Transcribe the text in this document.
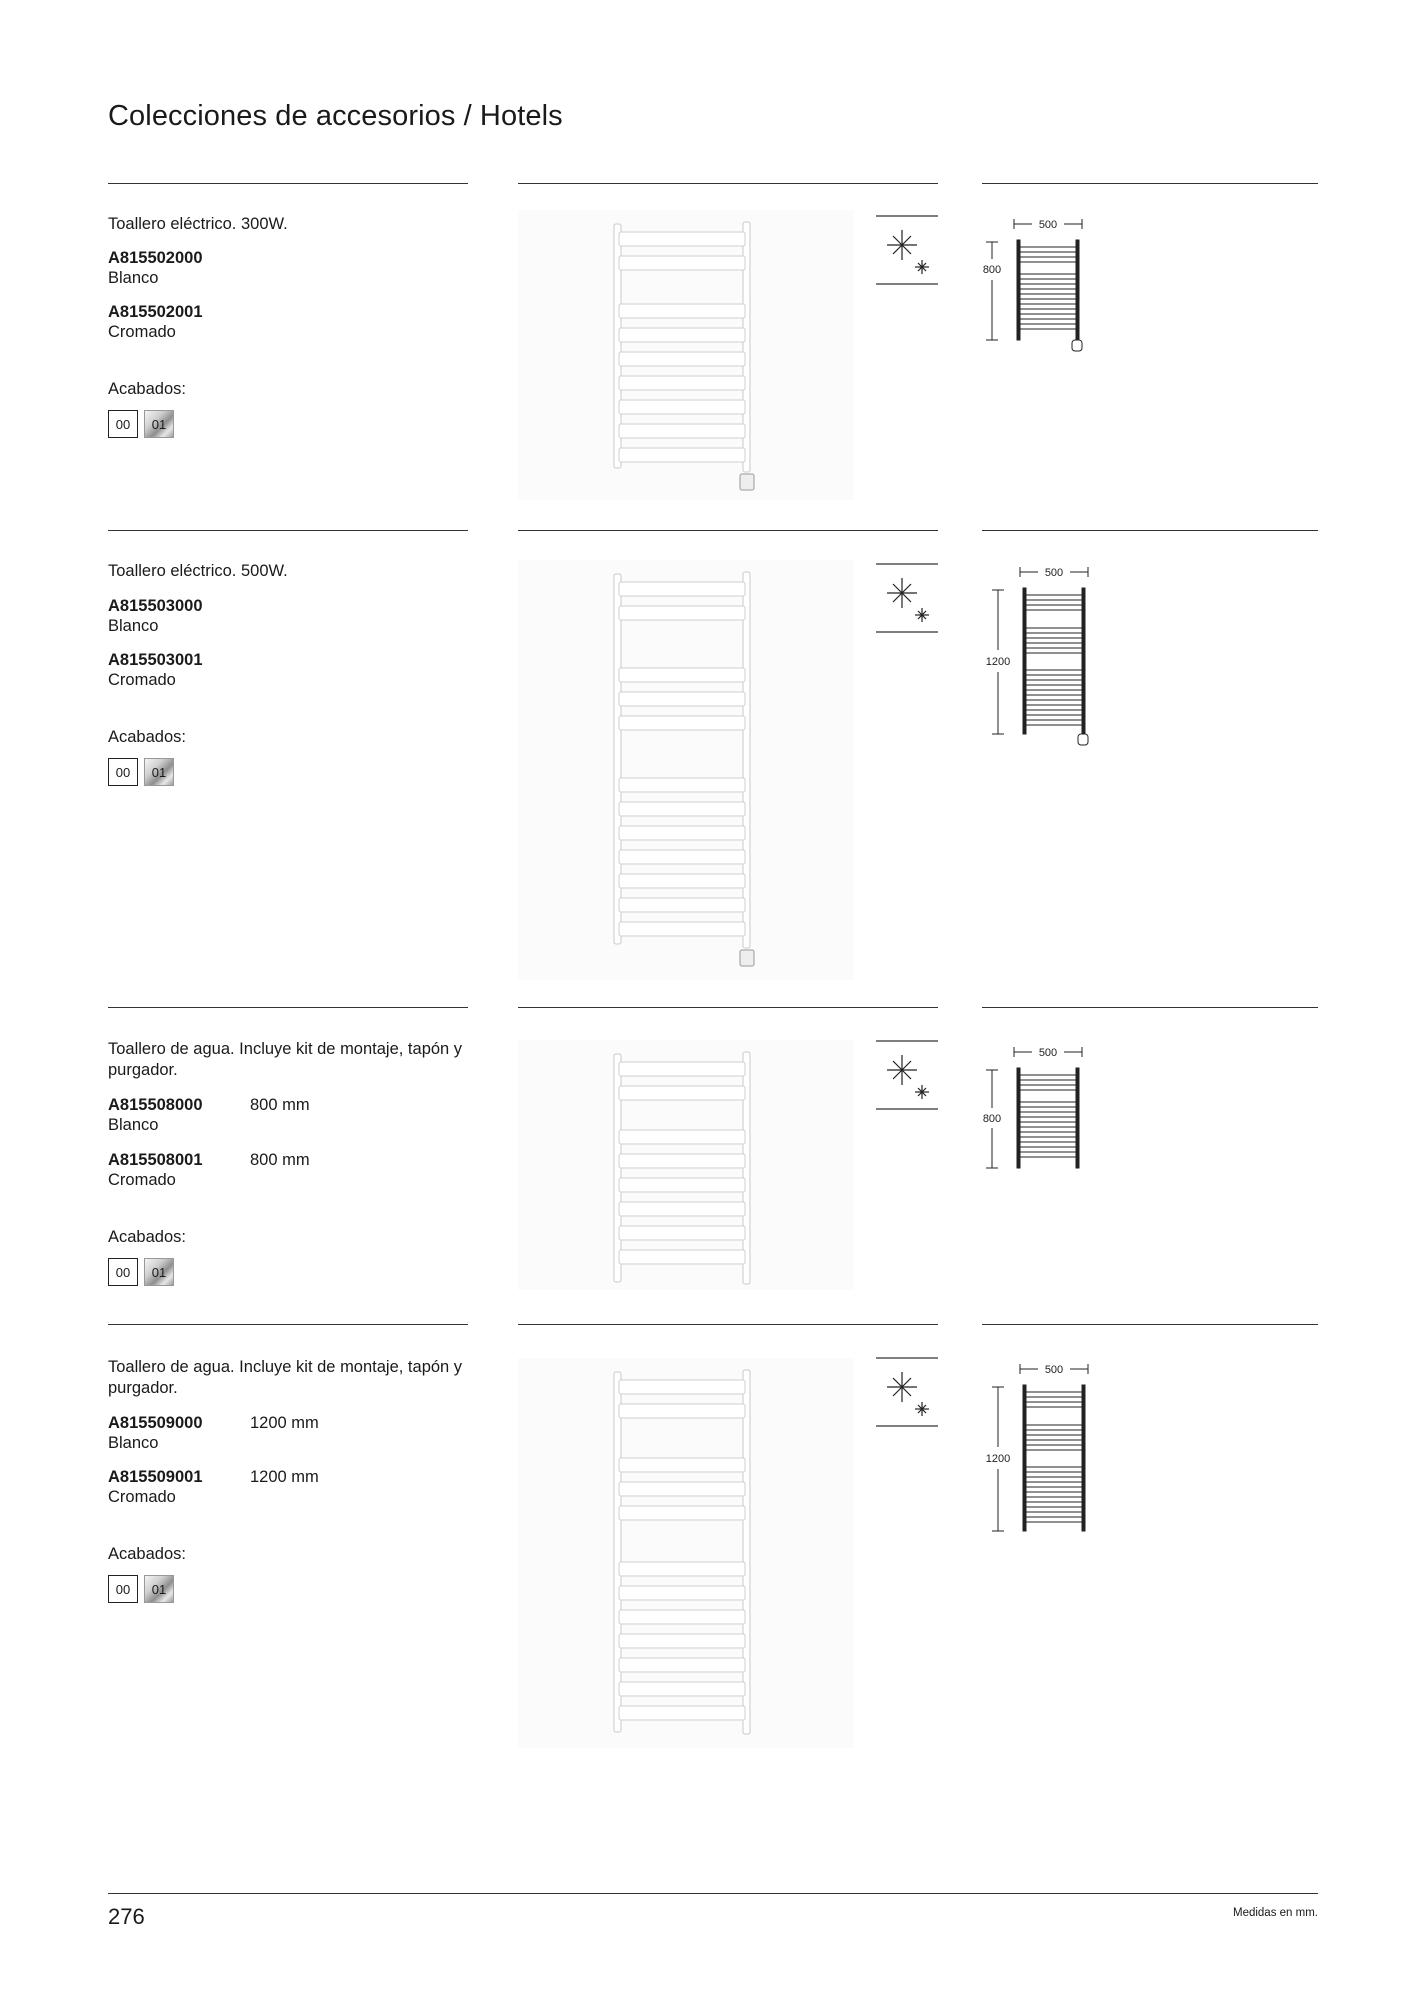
Colecciones de accesorios / Hotels
Toallero eléctrico. 300W.
A815502000
Blanco
A815502001
Cromado
Acabados:
00	01
500
800
Toallero eléctrico. 500W.
A815503000
Blanco
A815503001
Cromado
Acabados:
00	01
500
1200
Toallero de agua. Incluye kit de montaje, tapón y purgador.
A815508000	800 mm
Blanco
A815508001	800 mm
Cromado
Acabados:
00	01
500
800
Toallero de agua. Incluye kit de montaje, tapón y purgador.
A815509000	1200 mm
Blanco
A815509001	1200 mm
Cromado
Acabados:
00	01
500
1200
276	Medidas en mm.
